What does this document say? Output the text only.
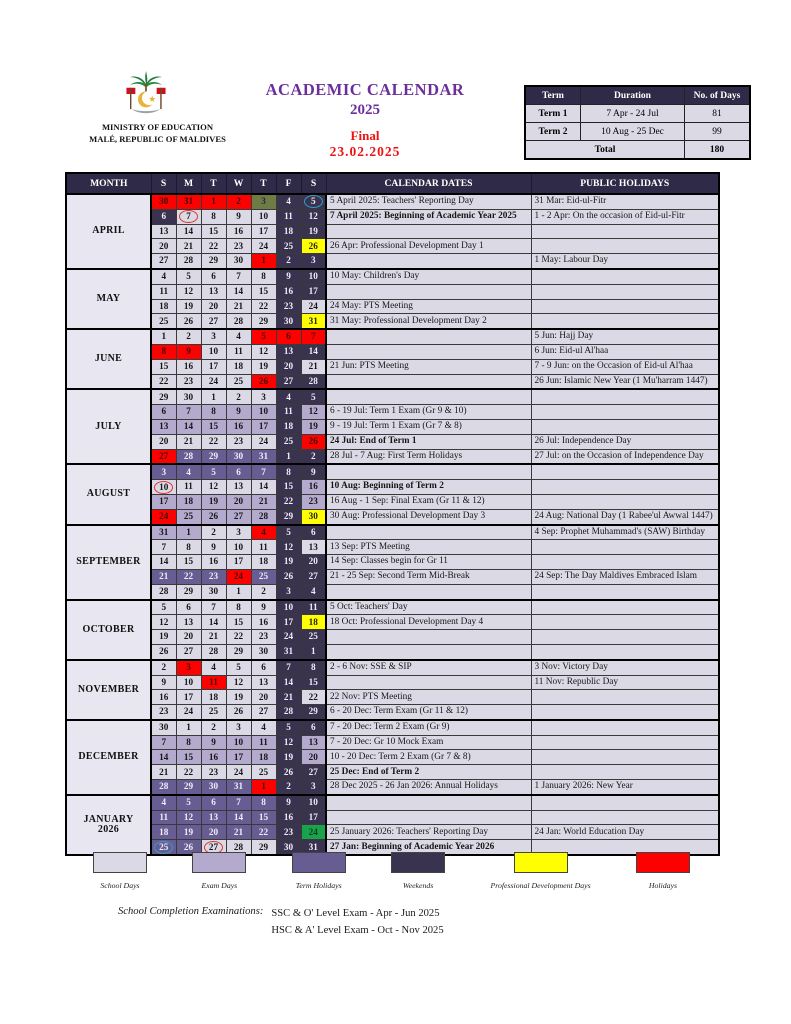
MINISTRY OF EDUCATION
MALÉ, REPUBLIC OF MALDIVES
ACADEMIC CALENDAR
2025
Final
23.02.2025
Term	Duration	No. of Days
Term 1	7 Apr - 24 Jul	81
Term 2	10 Aug - 25 Dec	99
Total		180
MONTH	S	M	T	W	T	F	S	CALENDAR DATES	PUBLIC HOLIDAYS

APRIL	30	31	1	2	3	4	5	5 April 2025: Teachers' Reporting Day	31 Mar: Eid-ul-Fitr
	6	7	8	9	10	11	12	7 April 2025: Beginning of Academic Year 2025	1 - 2 Apr: On the occasion of Eid-ul-Fitr
	13	14	15	16	17	18	19		
	20	21	22	23	24	25	26	26 Apr: Professional Development Day 1	
	27	28	29	30	1	2	3		1 May: Labour Day

MAY	4	5	6	7	8	9	10	10 May: Children's Day	
	11	12	13	14	15	16	17		
	18	19	20	21	22	23	24	24 May: PTS Meeting	
	25	26	27	28	29	30	31	31 May: Professional Development Day 2	

JUNE	1	2	3	4	5	6	7		5 Jun: Hajj Day
	8	9	10	11	12	13	14		6 Jun: Eid-ul Al'haa
	15	16	17	18	19	20	21	21 Jun: PTS Meeting	7 - 9 Jun: on the Occasion of Eid-ul Al'haa
	22	23	24	25	26	27	28		26 Jun: Islamic New Year (1 Mu'harram 1447)

JULY	29	30	1	2	3	4	5		
	6	7	8	9	10	11	12	6 - 19 Jul: Term 1 Exam (Gr 9 & 10)	
	13	14	15	16	17	18	19	9 - 19 Jul: Term 1 Exam (Gr 7 & 8)	
	20	21	22	23	24	25	26	24 Jul: End of Term 1	26 Jul: Independence Day
	27	28	29	30	31	1	2	28 Jul - 7 Aug: First Term Holidays	27 Jul: on the Occasion of Independence Day

AUGUST	3	4	5	6	7	8	9		
	10	11	12	13	14	15	16	10 Aug: Beginning of Term 2	
	17	18	19	20	21	22	23	16 Aug - 1 Sep: Final Exam (Gr 11 & 12)	
	24	25	26	27	28	29	30	30 Aug: Professional Development Day 3	24 Aug: National Day (1 Rabee'ul Awwal 1447)

SEPTEMBER	31	1	2	3	4	5	6		4 Sep: Prophet Muhammad's (SAW) Birthday
	7	8	9	10	11	12	13	13 Sep: PTS Meeting	
	14	15	16	17	18	19	20	14 Sep: Classes begin for Gr 11	
	21	22	23	24	25	26	27	21 - 25 Sep: Second Term Mid-Break	24 Sep: The Day Maldives Embraced Islam
	28	29	30	1	2	3	4		

OCTOBER	5	6	7	8	9	10	11	5 Oct: Teachers' Day	
	12	13	14	15	16	17	18	18 Oct: Professional Development Day 4	
	19	20	21	22	23	24	25		
	26	27	28	29	30	31	1		

NOVEMBER	2	3	4	5	6	7	8	2 - 6 Nov: SSE & SIP	3 Nov: Victory Day
	9	10	11	12	13	14	15		11 Nov: Republic Day
	16	17	18	19	20	21	22	22 Nov: PTS Meeting	
	23	24	25	26	27	28	29	6 - 20 Dec: Term Exam (Gr 11 & 12)	

DECEMBER	30	1	2	3	4	5	6	7 - 20 Dec: Term 2 Exam (Gr 9)	
	7	8	9	10	11	12	13	7 - 20 Dec: Gr 10 Mock Exam	
	14	15	16	17	18	19	20	10 - 20 Dec: Term 2 Exam (Gr 7 & 8)	
	21	22	23	24	25	26	27	25 Dec: End of Term 2	
	28	29	30	31	1	2	3	28 Dec 2025 - 26 Jan 2026: Annual Holidays	1 January 2026: New Year

JANUARY
2026	4	5	6	7	8	9	10		
	11	12	13	14	15	16	17		
	18	19	20	21	22	23	24	25 January 2026: Teachers' Reporting Day	24 Jan: World Education Day
	25	26	27	28	29	30	31	27 Jan: Beginning of Academic Year 2026	
School Days	Exam Days	Term Holidays	Weekends	Professional Development Days	Holidays
School Completion Examinations: SSC & O' Level Exam - Apr - Jun 2025
HSC & A' Level Exam - Oct - Nov 2025
